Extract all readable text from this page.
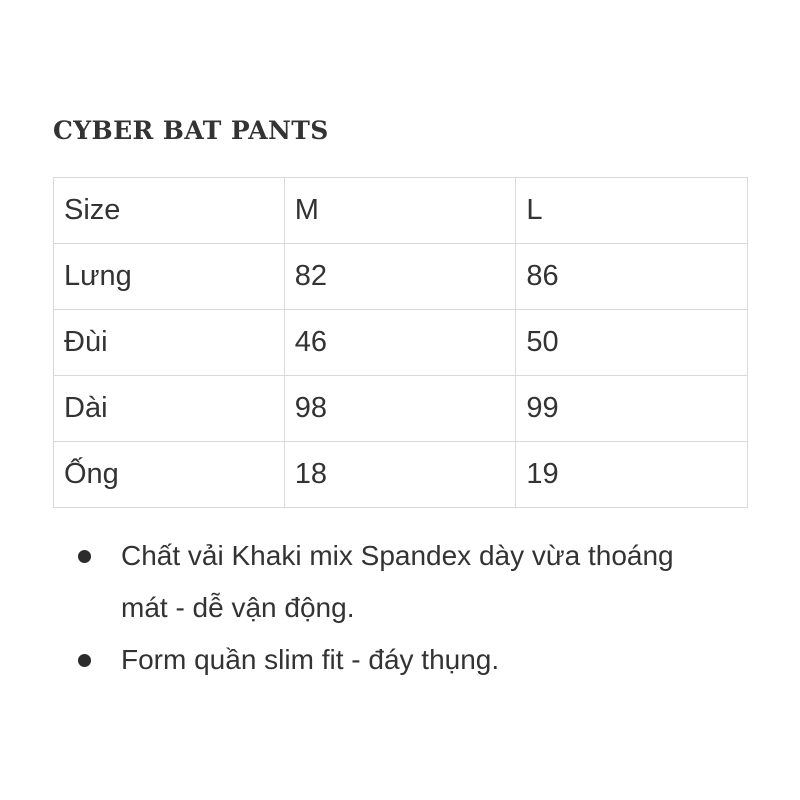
CYBER BAT PANTS
Size	M	L
Lưng	82	86
Đùi	46	50
Dài	98	99
Ống	18	19
Chất vải Khaki mix Spandex dày vừa thoáng mát - dễ vận động.
Form quần slim fit - đáy thụng.
